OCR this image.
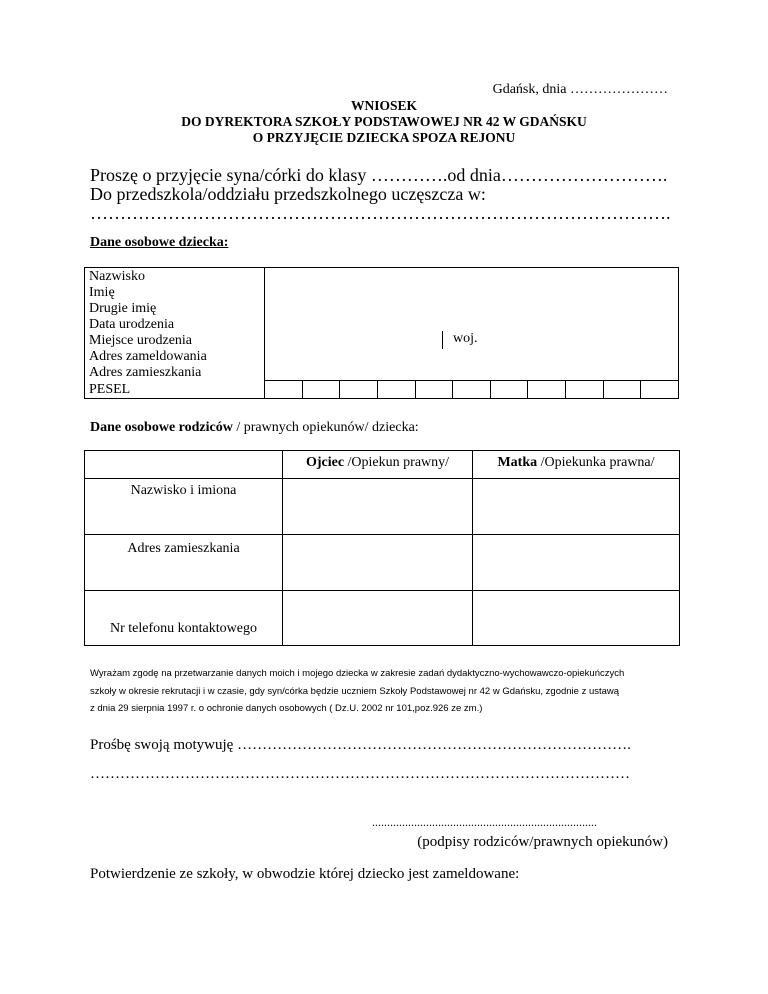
Gdańsk, dnia …………………
WNIOSEK
DO DYREKTORA SZKOŁY PODSTAWOWEJ NR 42 W GDAŃSKU
O PRZYJĘCIE DZIECKA SPOZA REJONU
Proszę o przyjęcie syna/córki do klasy ………….od dnia……………………….
Do przedszkola/oddziału przedszkolnego uczęszcza w:
…………………………………………………………………………………….
Dane osobowe dziecka:
Nazwisko	

Imię	

Drugie imię	

Data urodzenia	

Miejsce urodzenia	woj.

Adres zameldowania	

Adres zamieszkania	

PESEL	
Dane osobowe rodziców / prawnych opiekunów/ dziecka:
	Ojciec /Opiekun prawny/	Matka /Opiekunka prawna/
Nazwisko i imiona		
Adres zamieszkania		
Nr telefonu kontaktowego		
Wyrażam zgodę na przetwarzanie danych moich i mojego dziecka w zakresie zadań dydaktyczno-wychowawczo-opiekuńczych
szkoły w okresie rekrutacji i w czasie, gdy syn/córka będzie uczniem Szkoły Podstawowej nr 42 w Gdańsku, zgodnie z ustawą
z dnia 29 sierpnia 1997 r. o ochronie danych osobowych ( Dz.U. 2002 nr 101,poz.926 ze zm.)
Prośbę swoją motywuję …………………………………………………………………….
………………………………………………………………………………………………
...........................................................................
(podpisy rodziców/prawnych opiekunów)
Potwierdzenie ze szkoły, w obwodzie której dziecko jest zameldowane:
